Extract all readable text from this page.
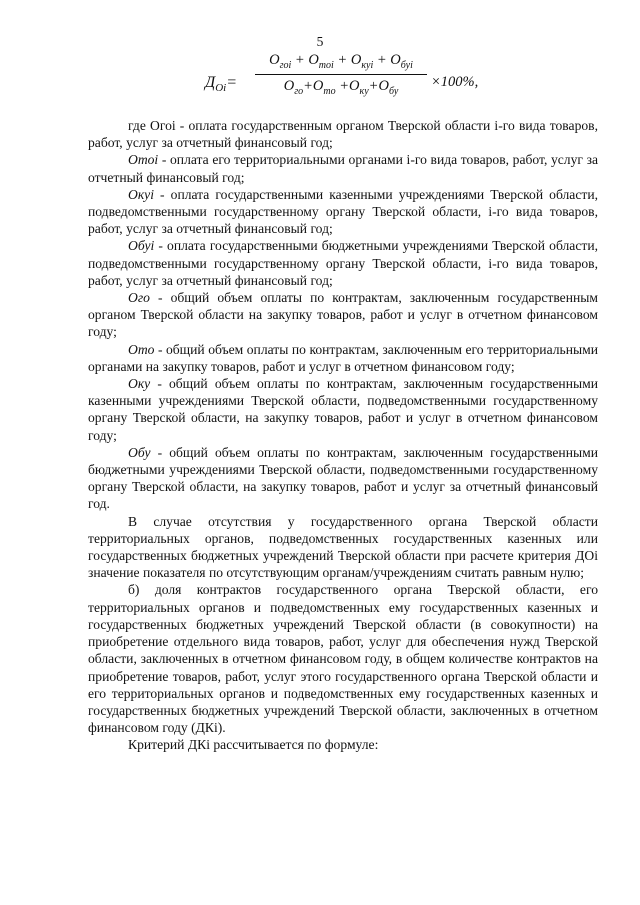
5
$Д_{Oi}=$
$O_{гоi} + O_{тоi} + O_{куi} + O_{буi}$
$O_{го}+O_{то} +O_{ку}+O_{бу}$
×100%,

где Огоi - оплата государственным органом Тверской области i-го вида товаров, работ, услуг за отчетный финансовый год;

Отоi - оплата его территориальными органами i-го вида товаров, работ, услуг за отчетный финансовый год;

Окуi - оплата государственными казенными учреждениями Тверской области, подведомственными государственному органу Тверской области, i-го вида товаров, работ, услуг за отчетный финансовый год;

Обуi - оплата государственными бюджетными учреждениями Тверской области, подведомственными государственному органу Тверской области, i-го вида товаров, работ, услуг за отчетный финансовый год;

Ого - общий объем оплаты по контрактам, заключенным государственным органом Тверской области на закупку товаров, работ и услуг в отчетном финансовом году;

Ото - общий объем оплаты по контрактам, заключенным его территориальными органами на закупку товаров, работ и услуг в отчетном финансовом году;

Оку - общий объем оплаты по контрактам, заключенным государственными казенными учреждениями Тверской области, подведомственными государственному органу Тверской области, на закупку товаров, работ и услуг в отчетном финансовом году;

Обу - общий объем оплаты по контрактам, заключенным государственными бюджетными учреждениями Тверской области, подведомственными государственному органу Тверской области, на закупку товаров, работ и услуг за отчетный финансовый год.

В случае отсутствия у государственного органа Тверской области территориальных органов, подведомственных государственных казенных или государственных бюджетных учреждений Тверской области при расчете критерия ДОi значение показателя по отсутствующим органам/учреждениям считать равным нулю;

б) доля контрактов государственного органа Тверской области, его территориальных органов и подведомственных ему государственных казенных и государственных бюджетных учреждений Тверской области (в совокупности) на приобретение отдельного вида товаров, работ, услуг для обеспечения нужд Тверской области, заключенных в отчетном финансовом году, в общем количестве контрактов на приобретение товаров, работ, услуг этого государственного органа Тверской области и его территориальных органов и подведомственных ему государственных казенных и государственных бюджетных учреждений Тверской области, заключенных в отчетном финансовом году (ДКi).

Критерий ДКi рассчитывается по формуле:
